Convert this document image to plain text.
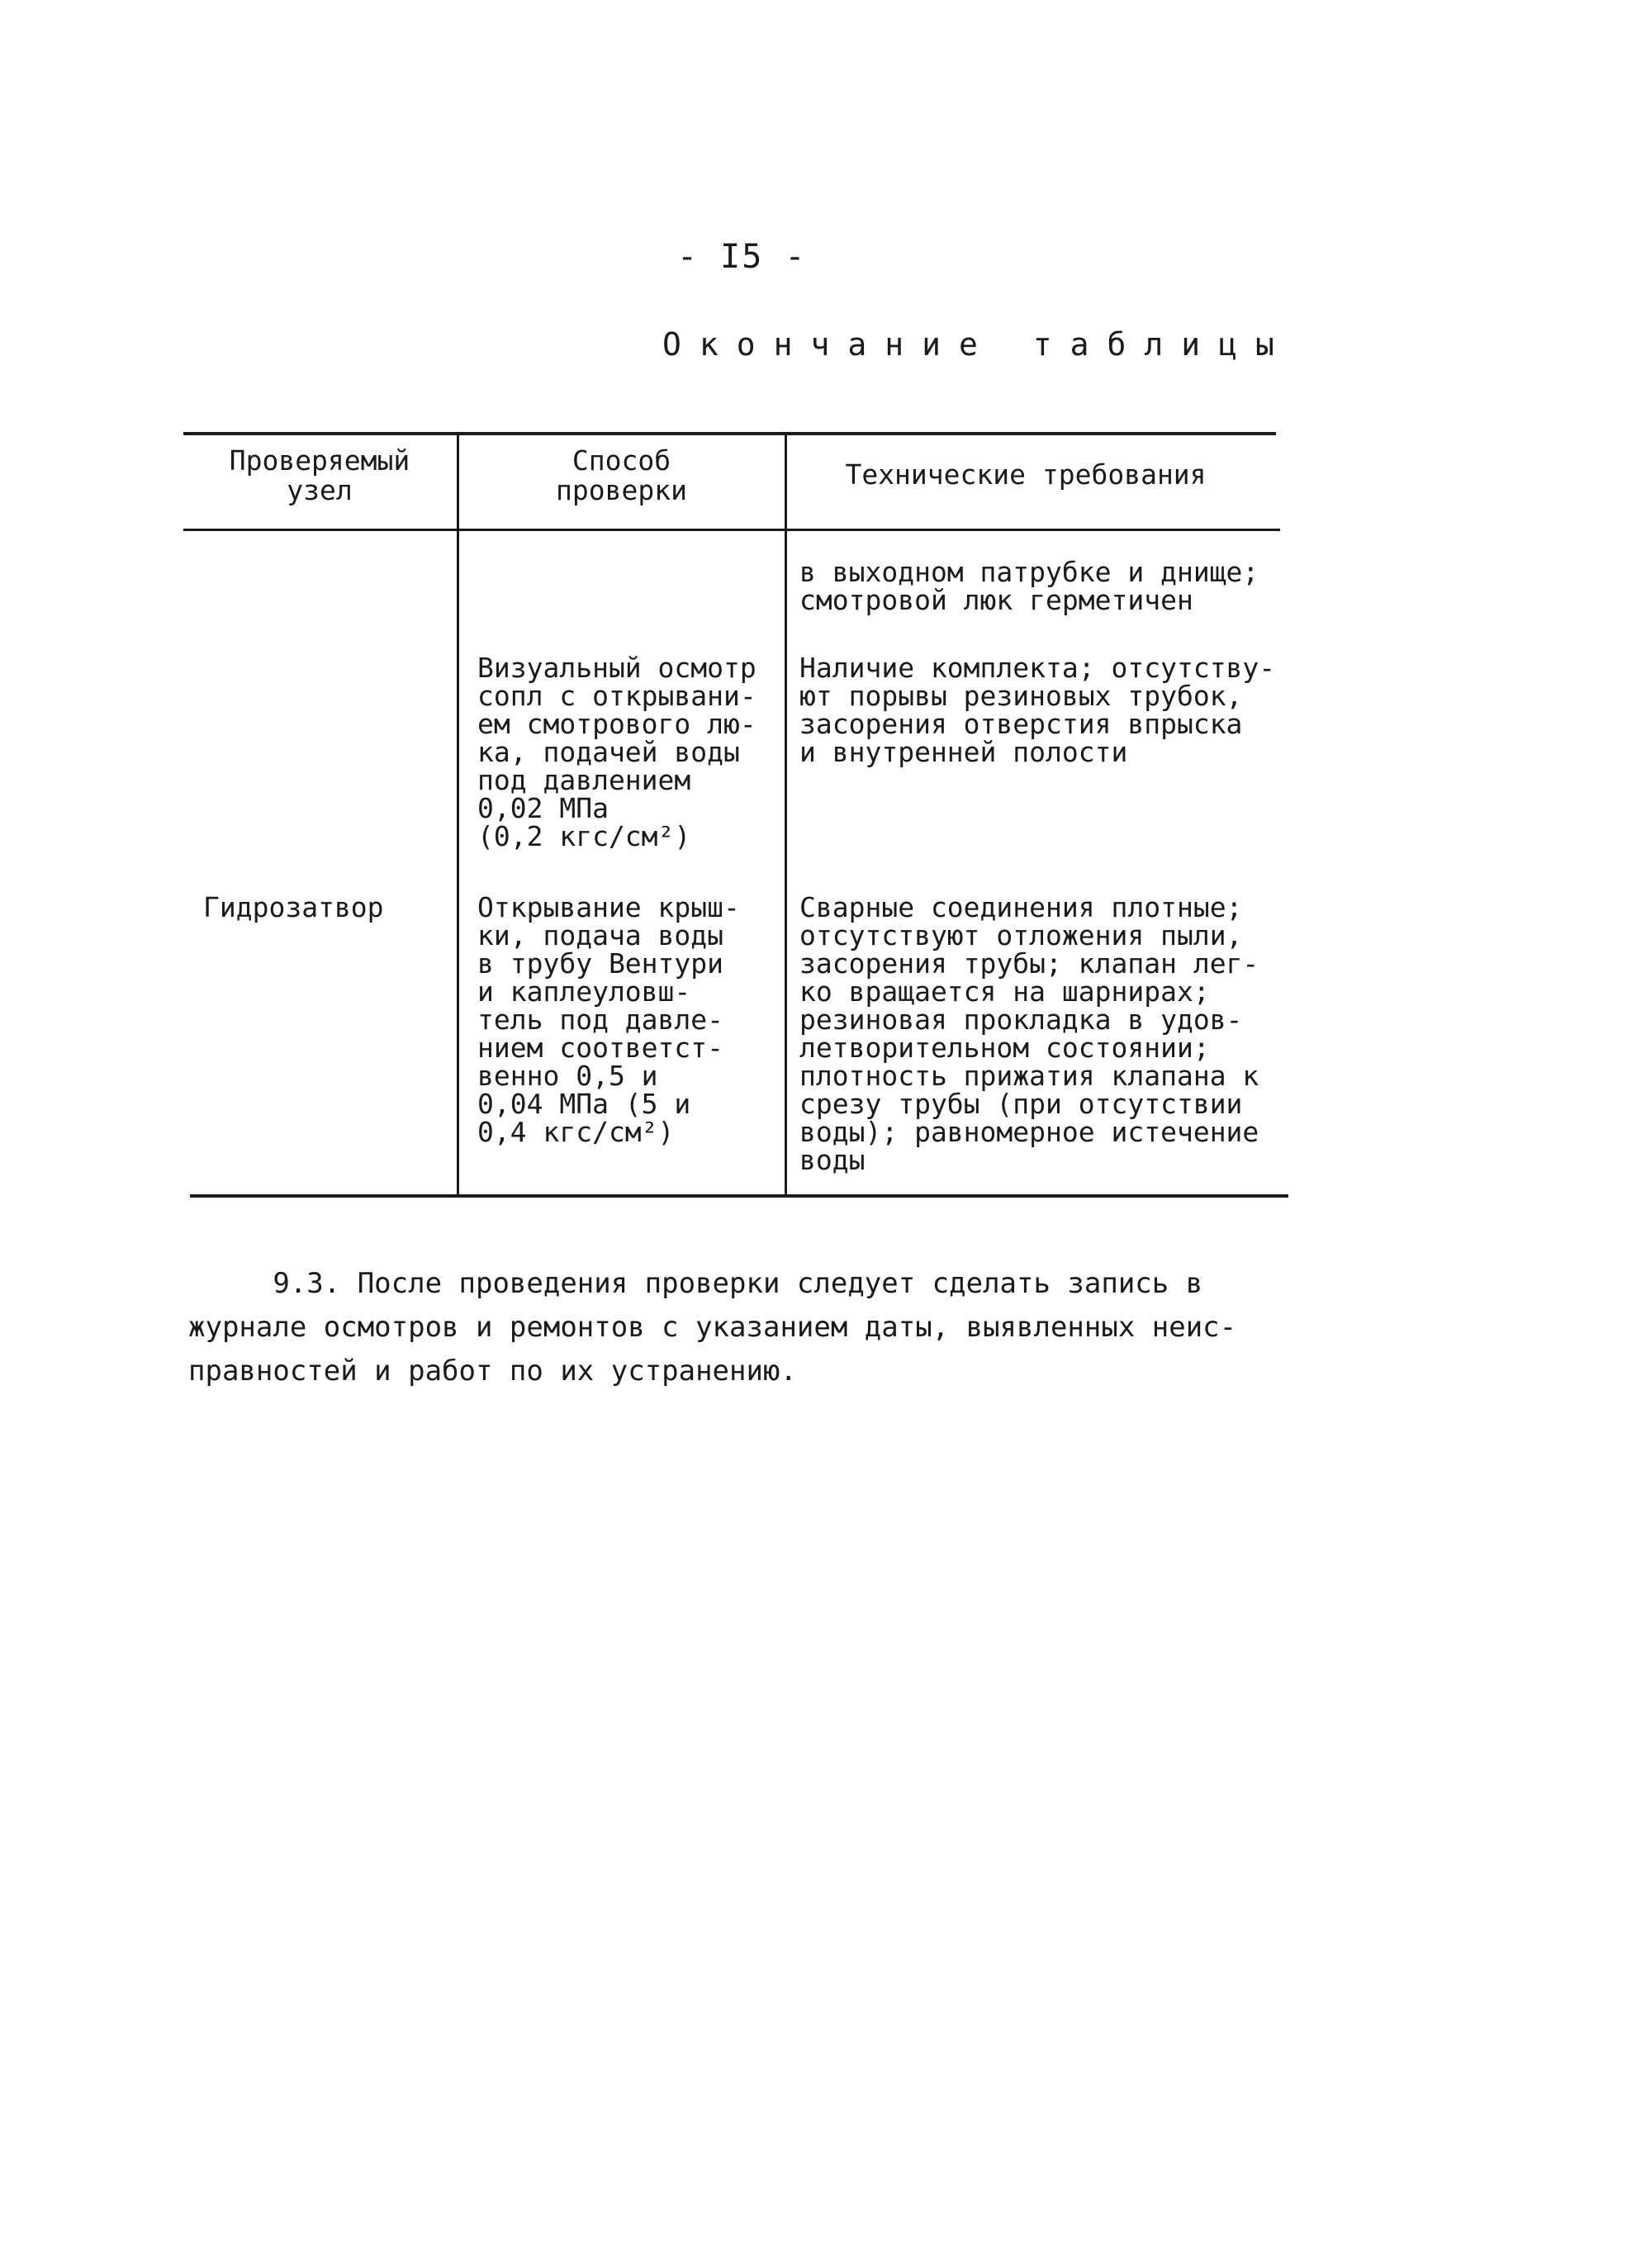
- I5 -
Окончание таблицы
Проверяемый
узел
Способ
проверки	Технические требования
в выходном патрубке и днище;
смотровой люк герметичен
Визуальный осмотр
сопл с открывани-
ем смотрового лю-
ка, подачей воды
под давлением
0,02 МПа
(0,2 кгс/см²)
Наличие комплекта; отсутству-
ют порывы резиновых трубок,
засорения отверстия впрыска
и внутренней полости
Гидрозатвор	Открывание крыш-
ки, подача воды
в трубу Вентури
и каплеуловш-
тель под давле-
нием соответст-
венно 0,5 и
0,04 МПа (5 и
0,4 кгс/см²)
Сварные соединения плотные;
отсутствуют отложения пыли,
засорения трубы; клапан лег-
ко вращается на шарнирах;
резиновая прокладка в удов-
летворительном состоянии;
плотность прижатия клапана к
срезу трубы (при отсутствии
воды); равномерное истечение
воды

9.3. После проведения проверки следует сделать запись в
журнале осмотров и ремонтов с указанием даты, выявленных неис-
правностей и работ по их устранению.
